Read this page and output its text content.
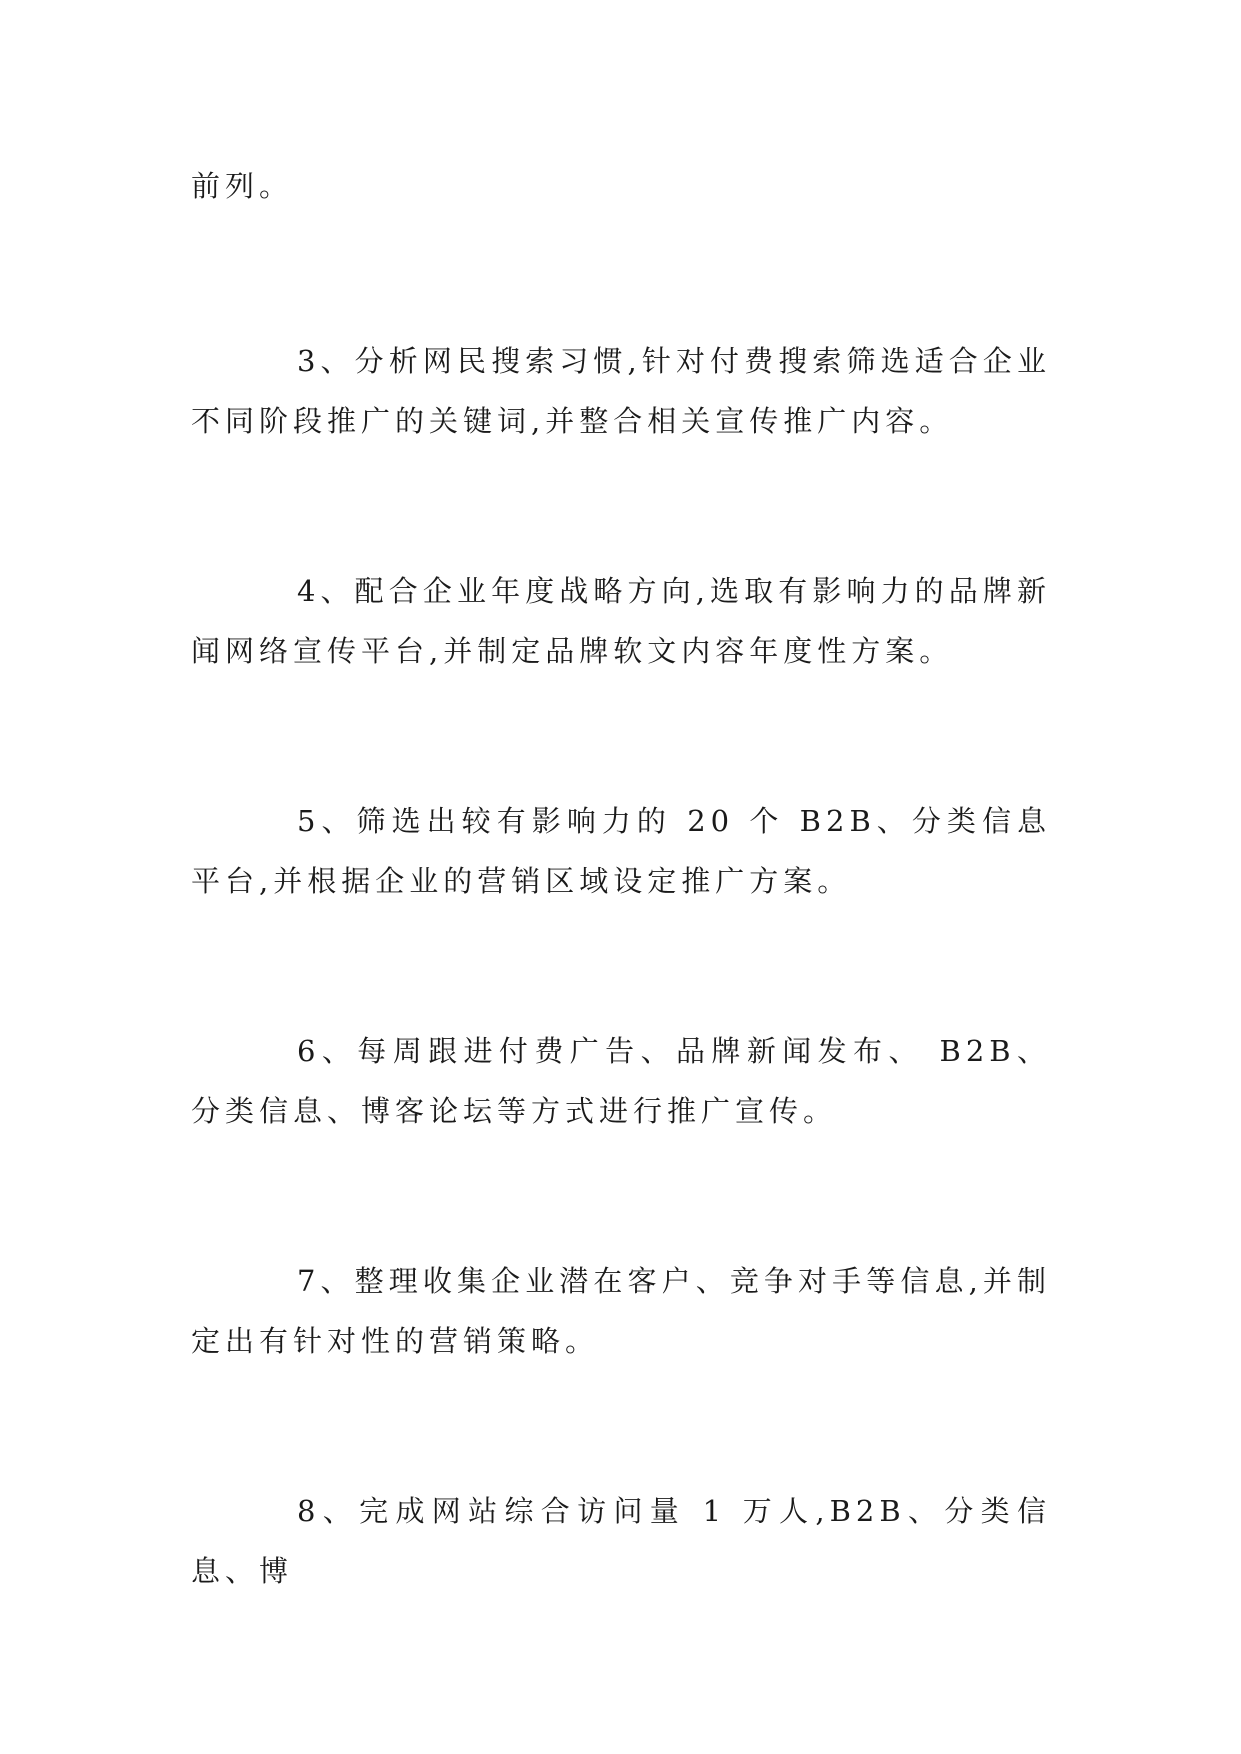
前列。

3、分析网民搜索习惯,针对付费搜索筛选适合企业不同阶段推广的关键词,并整合相关宣传推广内容。

4、配合企业年度战略方向,选取有影响力的品牌新闻网络宣传平台,并制定品牌软文内容年度性方案。

5、筛选出较有影响力的 20 个 B2B、分类信息平台,并根据企业的营销区域设定推广方案。

6、每周跟进付费广告、品牌新闻发布、 B2B、分类信息、博客论坛等方式进行推广宣传。

7、整理收集企业潜在客户、竞争对手等信息,并制定出有针对性的营销策略。

8、完成网站综合访问量 1 万人,B2B、分类信息、博
